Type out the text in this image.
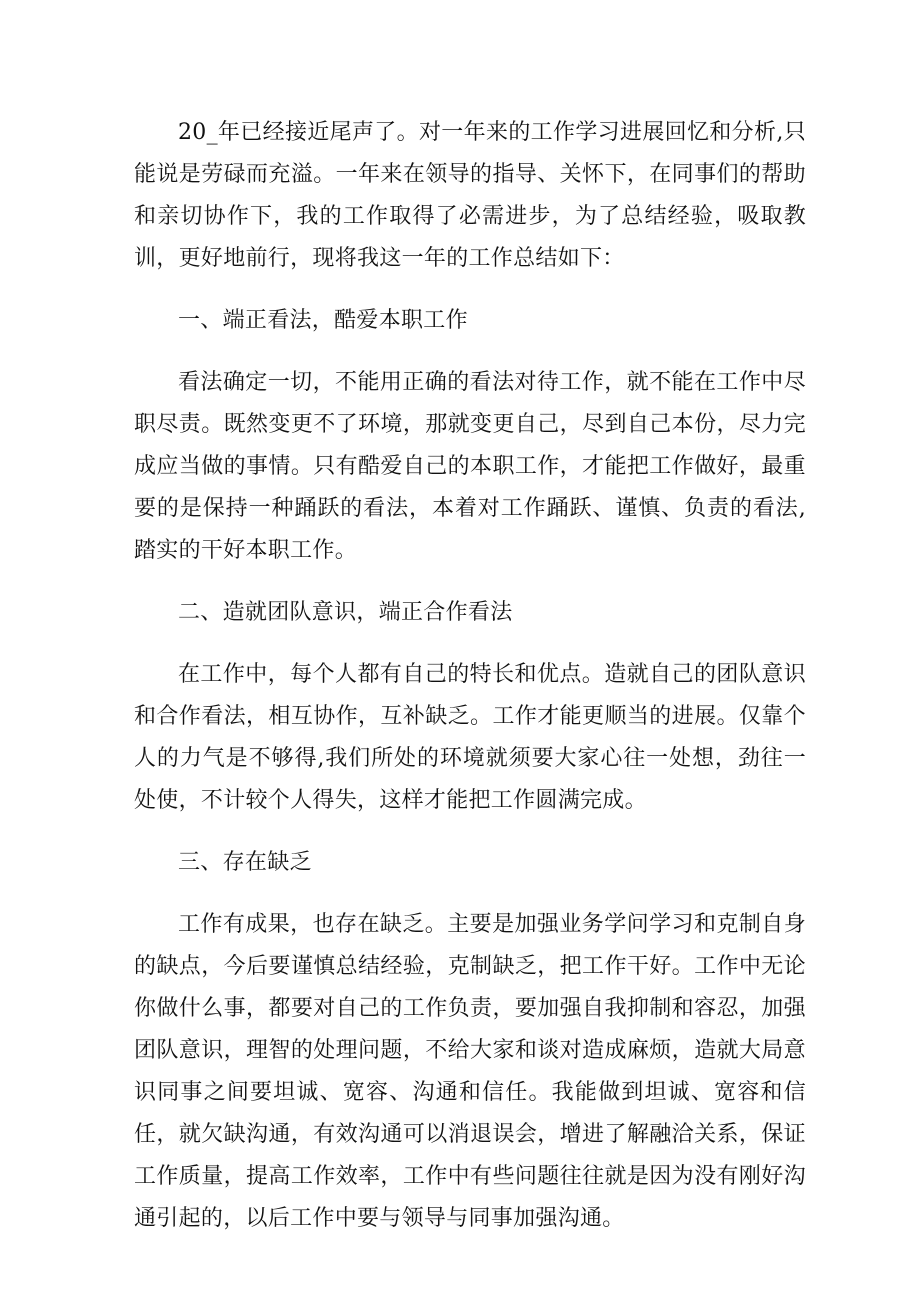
20_年已经接近尾声了。对一年来的工作学习进展回忆和分析,只能说是劳碌而充溢。一年来在领导的指导、关怀下，在同事们的帮助和亲切协作下，我的工作取得了必需进步，为了总结经验，吸取教训，更好地前行，现将我这一年的工作总结如下：

一、端正看法，酷爱本职工作

看法确定一切，不能用正确的看法对待工作，就不能在工作中尽职尽责。既然变更不了环境，那就变更自己，尽到自己本份，尽力完成应当做的事情。只有酷爱自己的本职工作，才能把工作做好，最重要的是保持一种踊跃的看法，本着对工作踊跃、谨慎、负责的看法,踏实的干好本职工作。

二、造就团队意识，端正合作看法

在工作中，每个人都有自己的特长和优点。造就自己的团队意识和合作看法，相互协作，互补缺乏。工作才能更顺当的进展。仅靠个人的力气是不够得,我们所处的环境就须要大家心往一处想，劲往一处使，不计较个人得失，这样才能把工作圆满完成。

三、存在缺乏

工作有成果，也存在缺乏。主要是加强业务学问学习和克制自身的缺点，今后要谨慎总结经验，克制缺乏，把工作干好。工作中无论你做什么事，都要对自己的工作负责，要加强自我抑制和容忍，加强团队意识，理智的处理问题，不给大家和谈对造成麻烦，造就大局意识同事之间要坦诚、宽容、沟通和信任。我能做到坦诚、宽容和信任，就欠缺沟通，有效沟通可以消退误会，增进了解融洽关系，保证工作质量，提高工作效率，工作中有些问题往往就是因为没有刚好沟通引起的，以后工作中要与领导与同事加强沟通。
